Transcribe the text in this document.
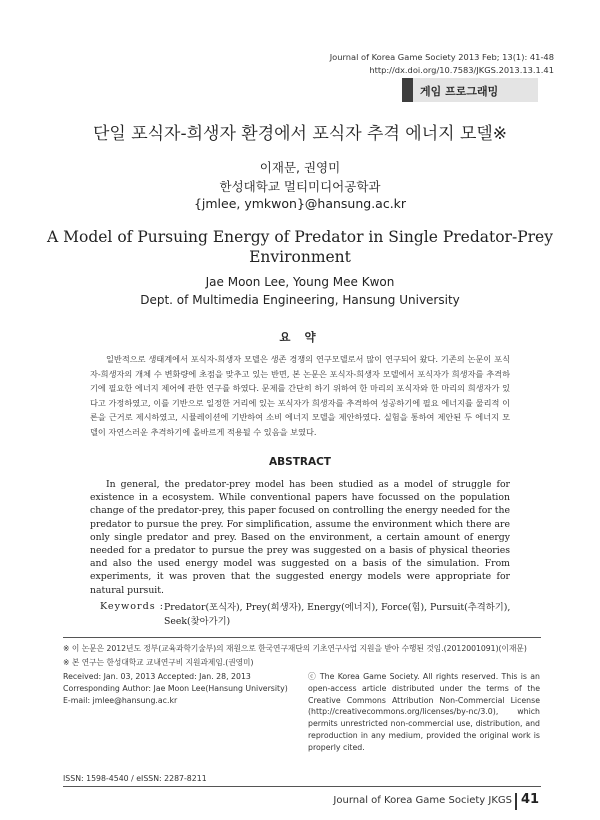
Journal of Korea Game Society 2013 Feb; 13(1): 41-48
http://dx.doi.org/10.7583/JKGS.2013.13.1.41
게임 프로그래밍
단일 포식자-희생자 환경에서 포식자 추격 에너지 모델※
이재문, 권영미
한성대학교 멀티미디어공학과
{jmlee, ymkwon}@hansung.ac.kr
A Model of Pursuing Energy of Predator in Single Predator-Prey
Environment
Jae Moon Lee, Young Mee Kwon
Dept. of Multimedia Engineering, Hansung University
요 약

일반적으로 생태계에서 포식자-희생자 모델은 생존 경쟁의 연구모델로서 많이 연구되어 왔다. 기존의 논문이 포식자-희생자의 개체 수 변화량에 초점을 맞추고 있는 반면, 본 논문은 포식자-희생자 모델에서 포식자가 희생자를 추격하기에 필요한 에너지 제어에 관한 연구를 하였다. 문제를 간단히 하기 위하여 한 마리의 포식자와 한 마리의 희생자가 있다고 가정하였고, 이를 기반으로 일정한 거리에 있는 포식자가 희생자를 추격하여 성공하기에 필요 에너지를 물리적 이론을 근거로 제시하였고, 시뮬레이션에 기반하여 소비 에너지 모델을 제안하였다. 실험을 통하여 제안된 두 에너지 모델이 자연스러운 추격하기에 올바르게 적용될 수 있음을 보였다.

ABSTRACT

In general, the predator-prey model has been studied as a model of struggle for existence in a ecosystem. While conventional papers have focussed on the population change of the predator-prey, this paper focused on controlling the energy needed for the predator to pursue the prey. For simplification, assume the environment which there are only single predator and prey. Based on the environment, a certain amount of energy needed for a predator to pursue the prey was suggested on a basis of physical theories and also the used energy model was suggested on a basis of the simulation. From experiments, it was proven that the suggested energy models were appropriate for natural pursuit.

Keywords : Predator(포식자), Prey(희생자), Energy(에너지), Force(힘), Pursuit(추격하기),
Seek(찾아가기)
※ 이 논문은 2012년도 정부(교육과학기술부)의 재원으로 한국연구재단의 기초연구사업 지원을 받아 수행된 것임.(2012001091)(이재문)
※ 본 연구는 한성대학교 교내연구비 지원과제임.(권영미)
Received: Jan. 03, 2013 Accepted: Jan. 28, 2013
Corresponding Author: Jae Moon Lee(Hansung University)
E-mail: jmlee@hansung.ac.kr
ISSN: 1598-4540 / eISSN: 2287-8211
ⓒ The Korea Game Society. All rights reserved. This is an open-access article distributed under the terms of the Creative Commons Attribution Non-Commercial License (http://creativecommons.org/licenses/by-nc/3.0), which permits unrestricted non-commercial use, distribution, and reproduction in any medium, provided the original work is properly cited.
Journal of Korea Game Society JKGS 41
